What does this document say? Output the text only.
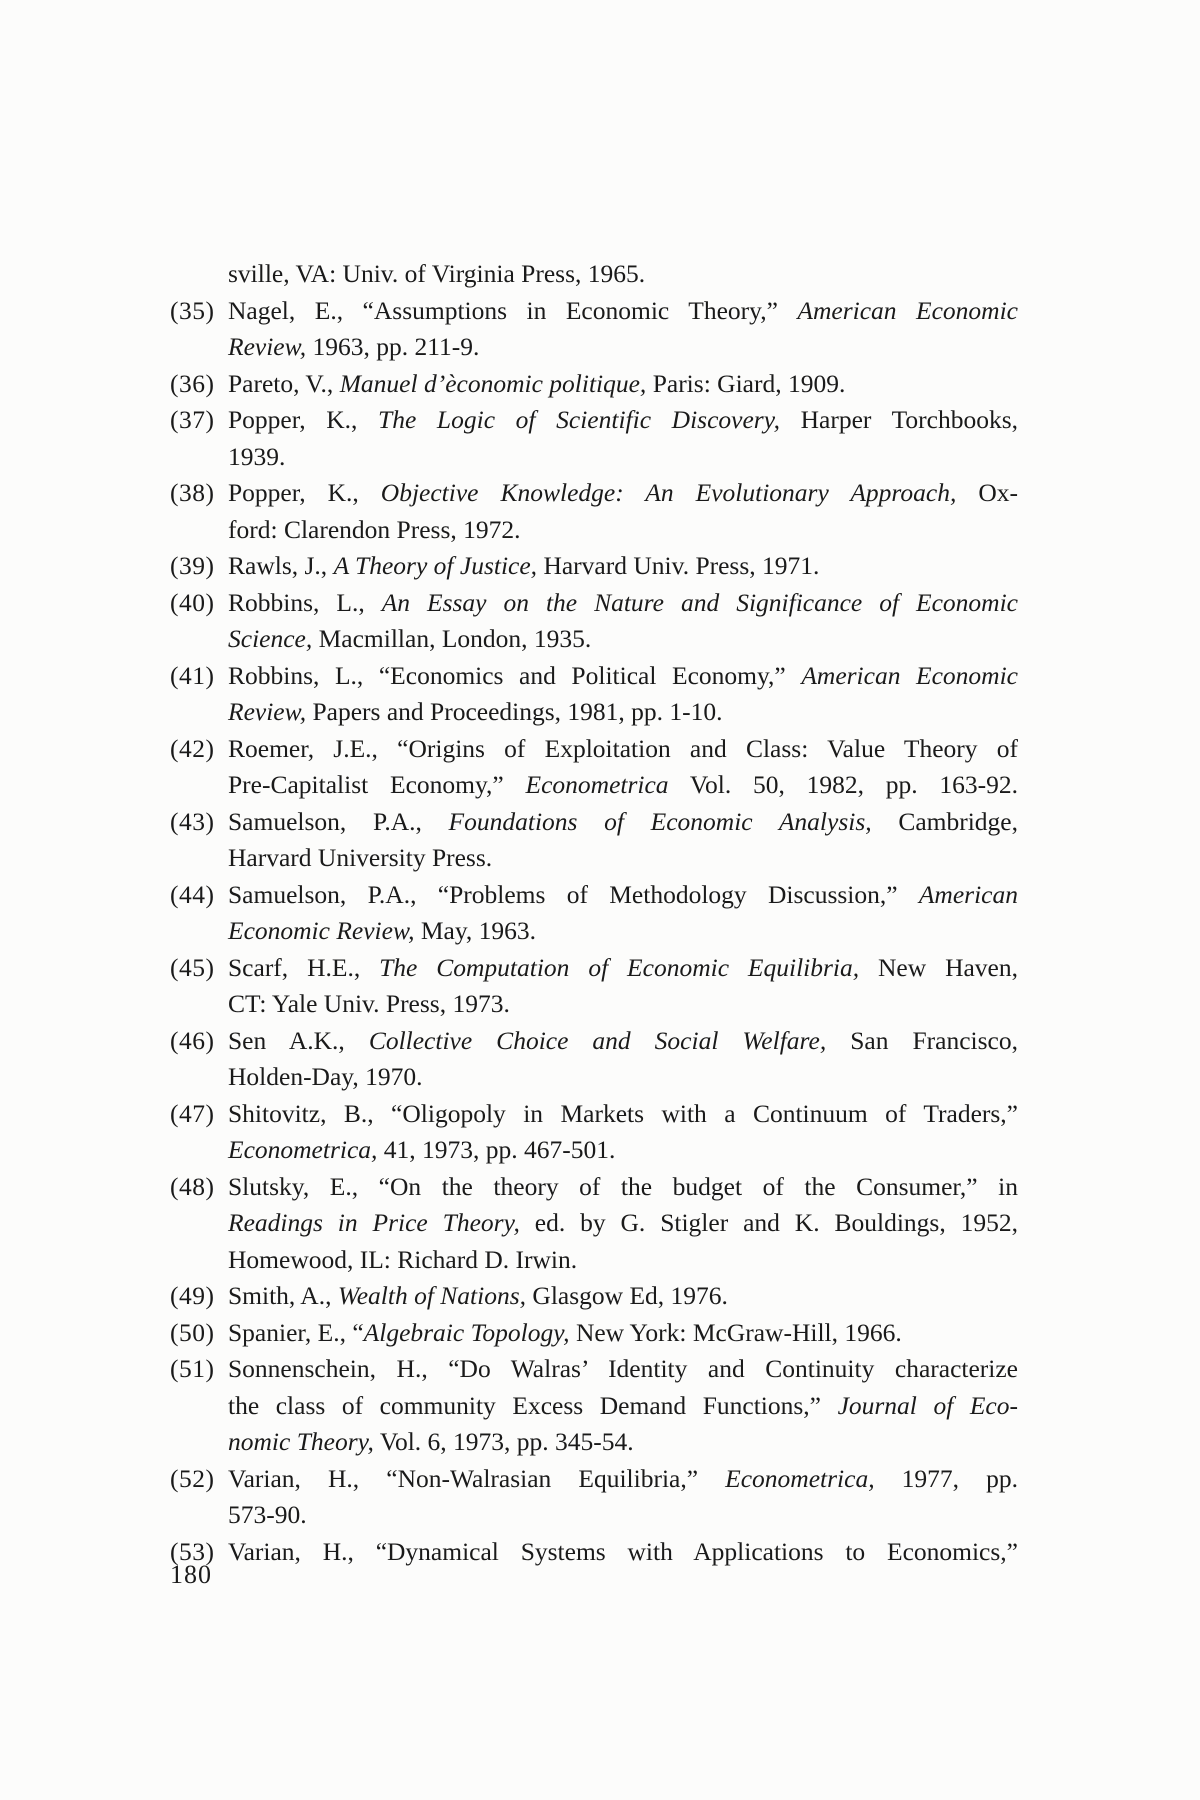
sville, VA: Univ. of Virginia Press, 1965.
(35) Nagel, E., “Assumptions in Economic Theory,” American Economic
Review, 1963, pp. 211-9.
(36) Pareto, V., Manuel d’èconomic politique, Paris: Giard, 1909.
(37) Popper, K., The Logic of Scientific Discovery, Harper Torchbooks,
1939.
(38) Popper, K., Objective Knowledge: An Evolutionary Approach, Ox-
ford: Clarendon Press, 1972.
(39) Rawls, J., A Theory of Justice, Harvard Univ. Press, 1971.
(40) Robbins, L., An Essay on the Nature and Significance of Economic
Science, Macmillan, London, 1935.
(41) Robbins, L., “Economics and Political Economy,” American Economic
Review, Papers and Proceedings, 1981, pp. 1-10.
(42) Roemer, J.E., “Origins of Exploitation and Class: Value Theory of
Pre-Capitalist Economy,” Econometrica Vol. 50, 1982, pp. 163-92.
(43) Samuelson, P.A., Foundations of Economic Analysis, Cambridge,
Harvard University Press.
(44) Samuelson, P.A., “Problems of Methodology Discussion,” American
Economic Review, May, 1963.
(45) Scarf, H.E., The Computation of Economic Equilibria, New Haven,
CT: Yale Univ. Press, 1973.
(46) Sen A.K., Collective Choice and Social Welfare, San Francisco,
Holden-Day, 1970.
(47) Shitovitz, B., “Oligopoly in Markets with a Continuum of Traders,”
Econometrica, 41, 1973, pp. 467-501.
(48) Slutsky, E., “On the theory of the budget of the Consumer,” in
Readings in Price Theory, ed. by G. Stigler and K. Bouldings, 1952,
Homewood, IL: Richard D. Irwin.
(49) Smith, A., Wealth of Nations, Glasgow Ed, 1976.
(50) Spanier, E., “Algebraic Topology, New York: McGraw-Hill, 1966.
(51) Sonnenschein, H., “Do Walras’ Identity and Continuity characterize
the class of community Excess Demand Functions,” Journal of Eco-
nomic Theory, Vol. 6, 1973, pp. 345-54.
(52) Varian, H., “Non-Walrasian Equilibria,” Econometrica, 1977, pp.
573-90.
(53) Varian, H., “Dynamical Systems with Applications to Economics,”
180
